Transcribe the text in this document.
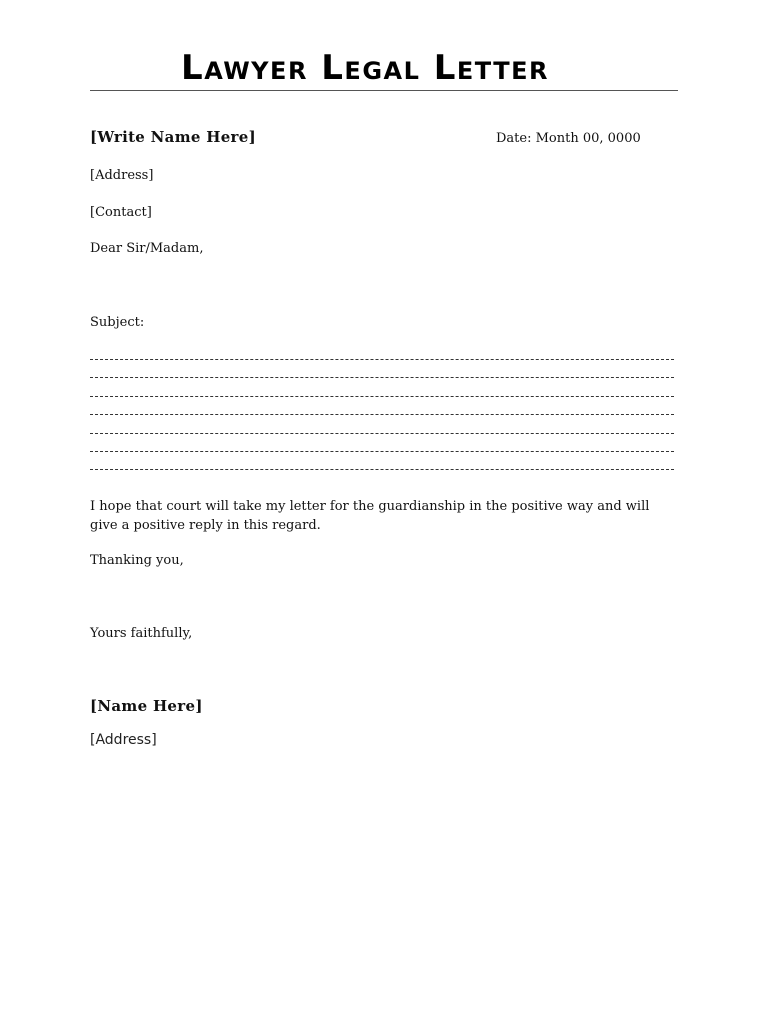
Lawyer Legal Letter
[Write Name Here]	Date: Month 00, 0000
[Address]
[Contact]
Dear Sir/Madam,
Subject:
I hope that court will take my letter for the guardianship in the positive way and will give a positive reply in this regard.
Thanking you,
Yours faithfully,
[Name Here]
[Address]
